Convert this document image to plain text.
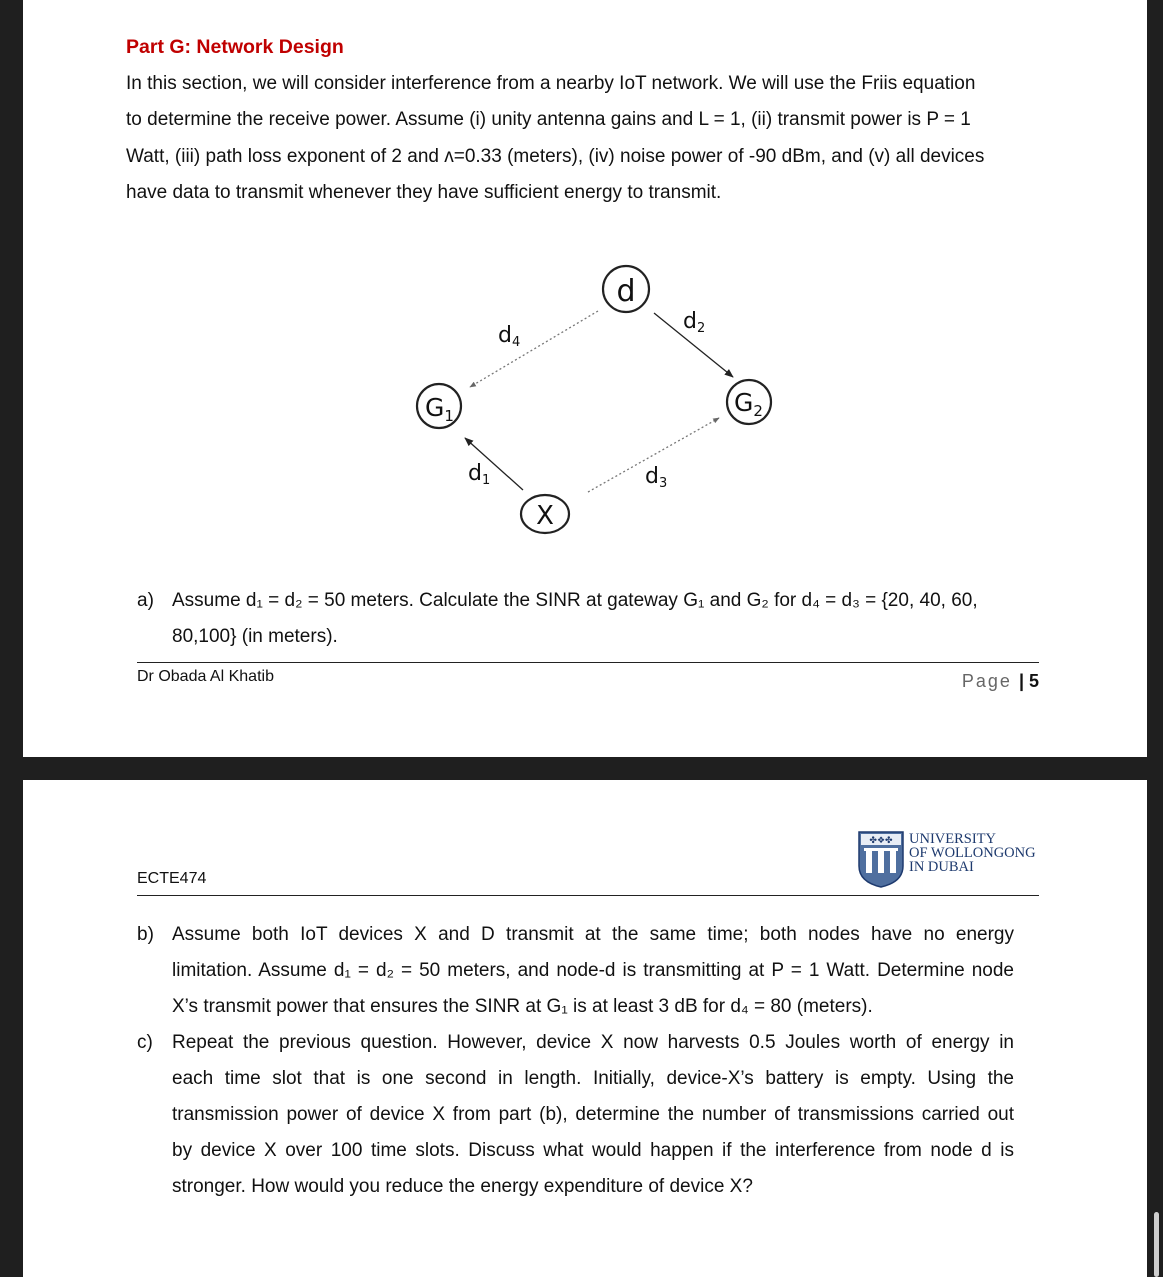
Part G: Network Design
In this section, we will consider interference from a nearby IoT network. We will use the Friis equation
to determine the receive power. Assume (i) unity antenna gains and L = 1, (ii) transmit power is P = 1
Watt, (iii) path loss exponent of 2 and ʌ=0.33 (meters), (iv) noise power of -90 dBm, and (v) all devices
have data to transmit whenever they have sufficient energy to transmit.
d
$G_1$	$G_2$
X
d4
d2
d1	d3
a) Assume d₁ = d₂ = 50 meters. Calculate the SINR at gateway G₁ and G₂ for d₄ = d₃ = {20, 40, 60,
80,100} (in meters).
Dr Obada Al Khatib	Page | 5
ECTE474
✤❖✤ UNIVERSITY
OF WOLLONGONG
IN DUBAI
b) Assume both IoT devices X and D transmit at the same time; both nodes have no energy
limitation. Assume d₁ = d₂ = 50 meters, and node-d is transmitting at P = 1 Watt. Determine node
X’s transmit power that ensures the SINR at G₁ is at least 3 dB for d₄ = 80 (meters).
c) Repeat the previous question. However, device X now harvests 0.5 Joules worth of energy in
each time slot that is one second in length. Initially, device-X’s battery is empty. Using the
transmission power of device X from part (b), determine the number of transmissions carried out
by device X over 100 time slots. Discuss what would happen if the interference from node d is
stronger. How would you reduce the energy expenditure of device X?
